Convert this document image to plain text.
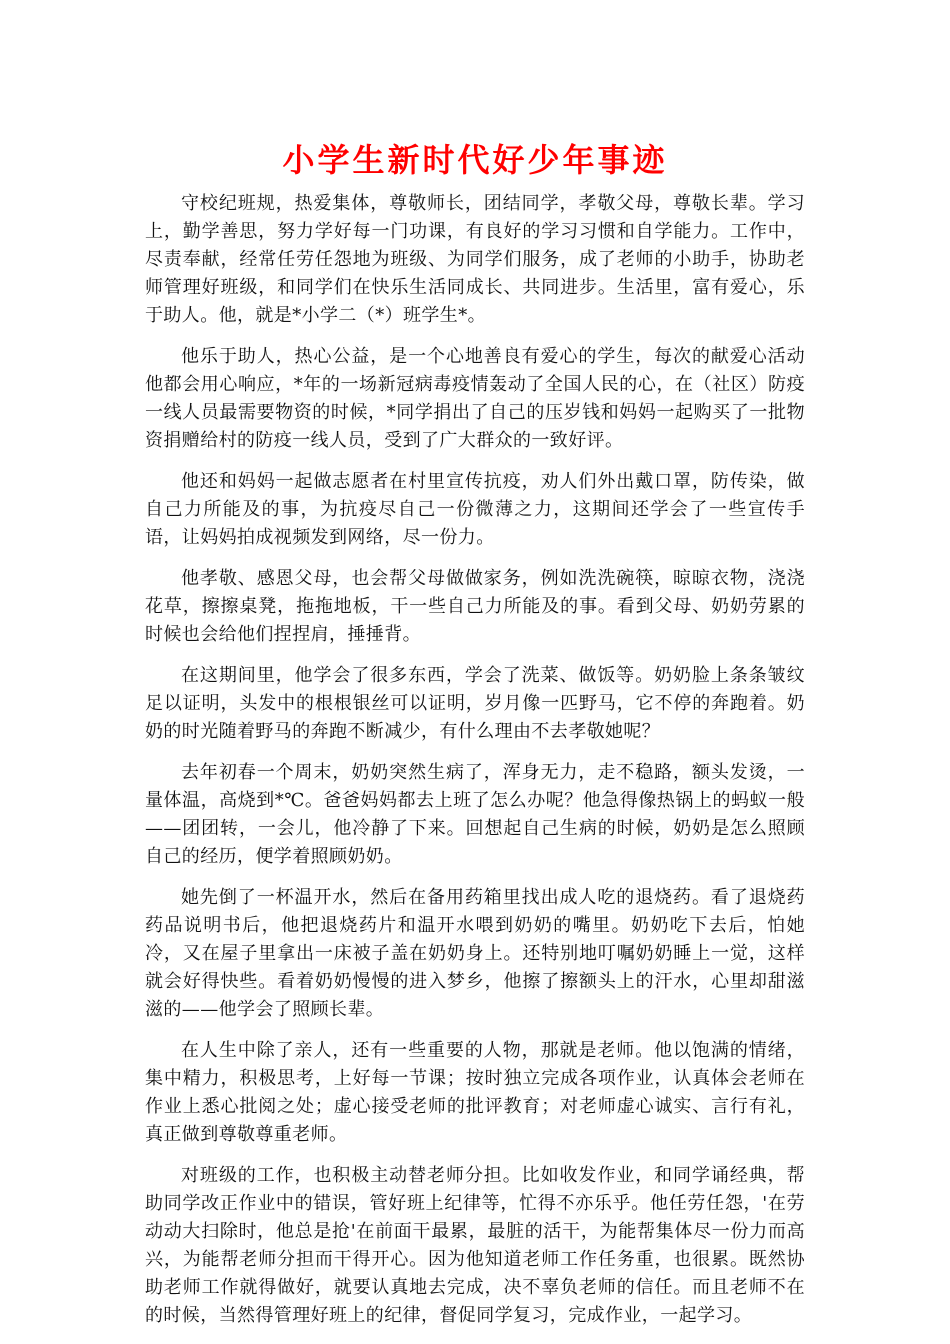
小学生新时代好少年事迹

守校纪班规，热爱集体，尊敬师长，团结同学，孝敬父母，尊敬长辈。学习上，勤学善思，努力学好每一门功课，有良好的学习习惯和自学能力。工作中，尽责奉献，经常任劳任怨地为班级、为同学们服务，成了老师的小助手，协助老师管理好班级，和同学们在快乐生活同成长、共同进步。生活里，富有爱心，乐于助人。他，就是*小学二（*）班学生*。

他乐于助人，热心公益，是一个心地善良有爱心的学生，每次的献爱心活动他都会用心响应，*年的一场新冠病毒疫情轰动了全国人民的心，在（社区）防疫一线人员最需要物资的时候，*同学捐出了自己的压岁钱和妈妈一起购买了一批物资捐赠给村的防疫一线人员，受到了广大群众的一致好评。

他还和妈妈一起做志愿者在村里宣传抗疫，劝人们外出戴口罩，防传染，做自己力所能及的事，为抗疫尽自己一份微薄之力，这期间还学会了一些宣传手语，让妈妈拍成视频发到网络，尽一份力。

他孝敬、感恩父母，也会帮父母做做家务，例如洗洗碗筷，晾晾衣物，浇浇花草，擦擦桌凳，拖拖地板，干一些自己力所能及的事。看到父母、奶奶劳累的时候也会给他们捏捏肩，捶捶背。

在这期间里，他学会了很多东西，学会了洗菜、做饭等。奶奶脸上条条皱纹足以证明，头发中的根根银丝可以证明，岁月像一匹野马，它不停的奔跑着。奶奶的时光随着野马的奔跑不断减少，有什么理由不去孝敬她呢？

去年初春一个周末，奶奶突然生病了，浑身无力，走不稳路，额头发烫，一量体温，高烧到*℃。爸爸妈妈都去上班了怎么办呢？他急得像热锅上的蚂蚁一般——团团转，一会儿，他冷静了下来。回想起自己生病的时候，奶奶是怎么照顾自己的经历，便学着照顾奶奶。

她先倒了一杯温开水，然后在备用药箱里找出成人吃的退烧药。看了退烧药药品说明书后，他把退烧药片和温开水喂到奶奶的嘴里。奶奶吃下去后，怕她冷，又在屋子里拿出一床被子盖在奶奶身上。还特别地叮嘱奶奶睡上一觉，这样就会好得快些。看着奶奶慢慢的进入梦乡，他擦了擦额头上的汗水，心里却甜滋滋的——他学会了照顾长辈。

在人生中除了亲人，还有一些重要的人物，那就是老师。他以饱满的情绪，集中精力，积极思考，上好每一节课；按时独立完成各项作业，认真体会老师在作业上悉心批阅之处；虚心接受老师的批评教育；对老师虚心诚实、言行有礼，真正做到尊敬尊重老师。

对班级的工作，也积极主动替老师分担。比如收发作业，和同学诵经典，帮助同学改正作业中的错误，管好班上纪律等，忙得不亦乐乎。他任劳任怨，'在劳动动大扫除时，他总是抢'在前面干最累，最脏的活干，为能帮集体尽一份力而高兴，为能帮老师分担而干得开心。因为他知道老师工作任务重，也很累。既然协助老师工作就得做好，就要认真地去完成，决不辜负老师的信任。而且老师不在的时候，当然得管理好班上的纪律，督促同学复习，完成作业，一起学习。
